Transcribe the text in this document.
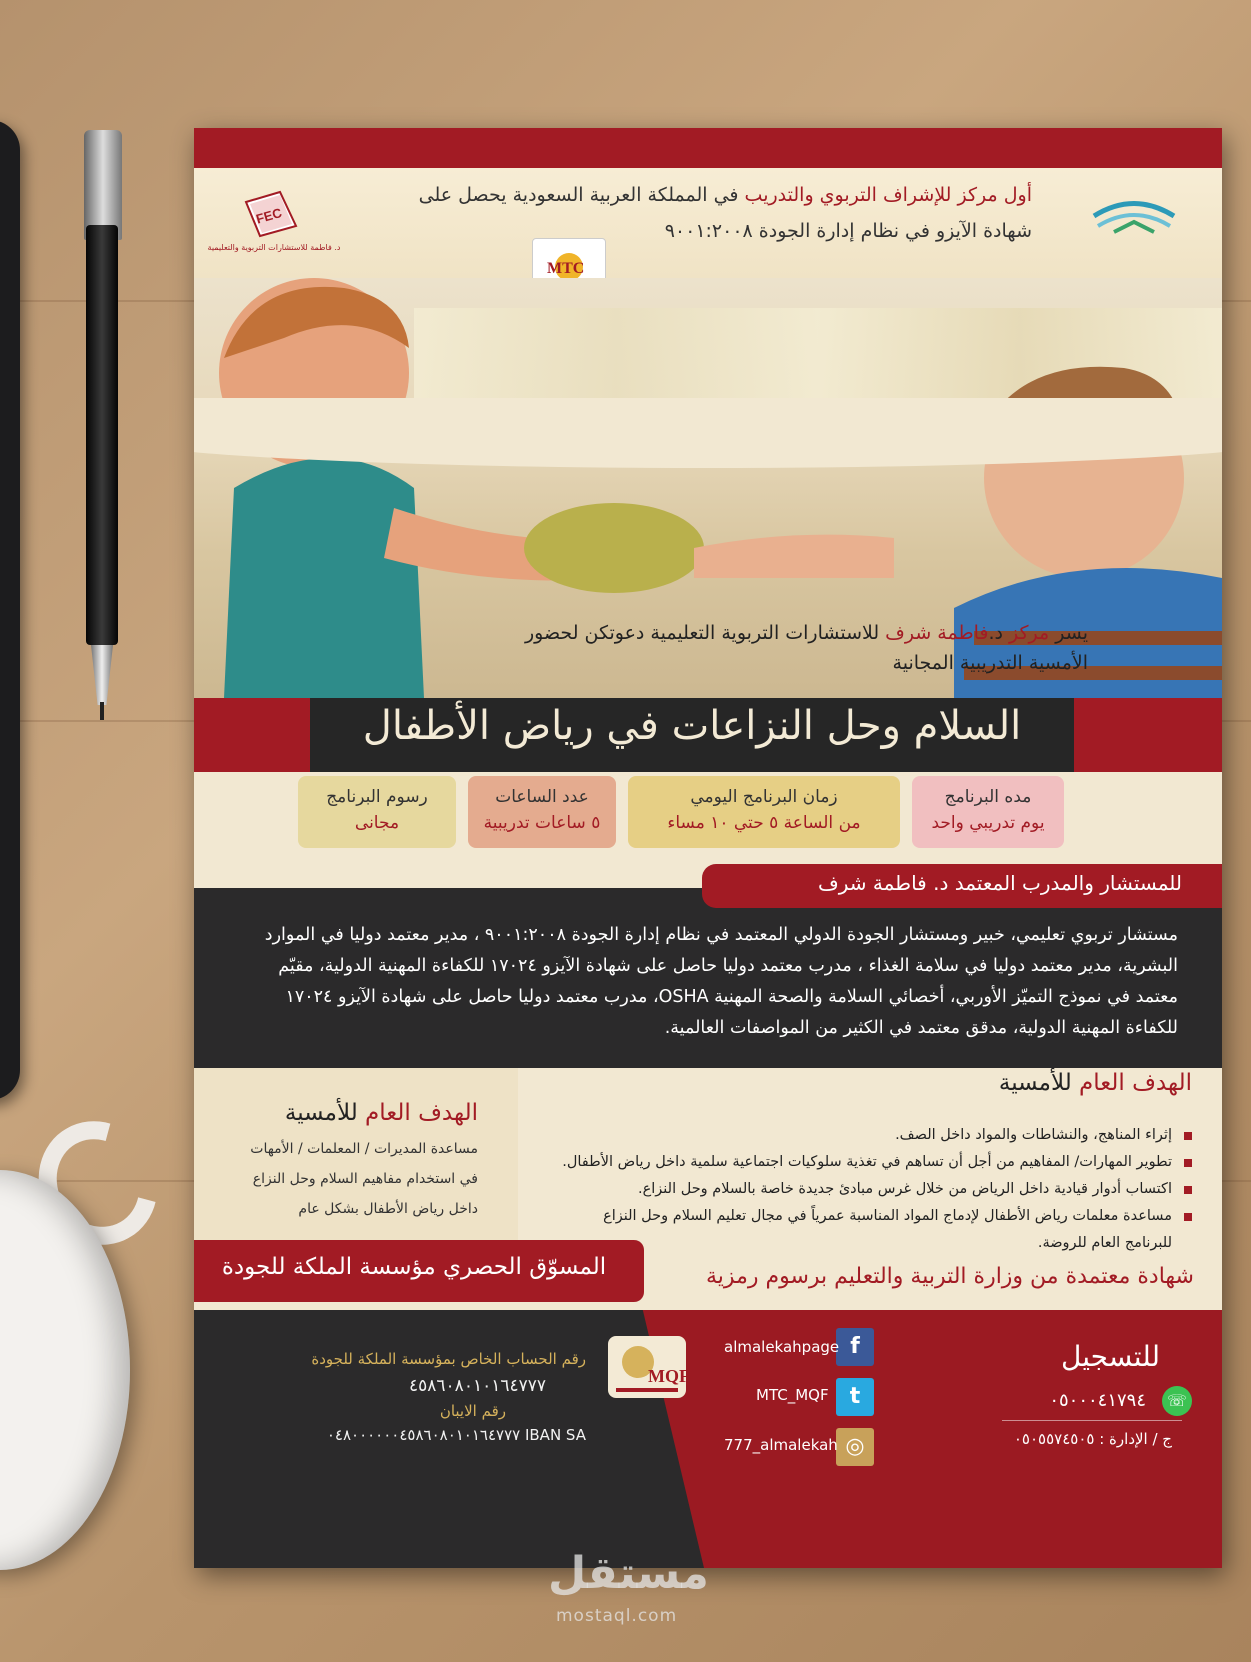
FEC
د. فاطمة للاستشارات التربوية والتعليمية
أول مركز للإشراف التربوي والتدريب في المملكة العربية السعودية يحصل على
شهادة الآيزو في نظام إدارة الجودة ٩٠٠١:٢٠٠٨
MTC
يسر مركز د.فاطمة شرف للاستشارات التربوية التعليمية دعوتكن لحضور
الأمسية التدريبية المجانية
السلام وحل النزاعات في رياض الأطفال
مده البرنامج
يوم تدريبي واحد
زمان البرنامج اليومي
من الساعة ٥ حتي ١٠ مساء
عدد الساعات
٥ ساعات تدريبية
رسوم البرنامج
مجانى
للمستشار والمدرب المعتمد د. فاطمة شرف
مستشار تربوي تعليمي، خبير ومستشار الجودة الدولي المعتمد في نظام إدارة الجودة ٩٠٠١:٢٠٠٨ ، مدير معتمد دوليا في الموارد البشرية، مدير معتمد دوليا في سلامة الغذاء ، مدرب معتمد دوليا حاصل على شهادة الآيزو ١٧٠٢٤ للكفاءة المهنية الدولية، مقيّم معتمد في نموذج التميّز الأوربي، أخصائي السلامة والصحة المهنية OSHA، مدرب معتمد دوليا حاصل على شهادة الآيزو ١٧٠٢٤ للكفاءة المهنية الدولية، مدقق معتمد في الكثير من المواصفات العالمية.
الهدف العام للأمسية
مساعدة المديرات / المعلمات / الأمهات في استخدام مفاهيم السلام وحل النزاع داخل رياض الأطفال بشكل عام
الهدف العام للأمسية
إثراء المناهج، والنشاطات والمواد داخل الصف.
تطوير المهارات/ المفاهيم من أجل أن تساهم في تغذية سلوكيات اجتماعية سلمية داخل رياض الأطفال.
اكتساب أدوار قيادية داخل الرياض من خلال غرس مبادئ جديدة خاصة بالسلام وحل النزاع.
مساعدة معلمات رياض الأطفال لإدماج المواد المناسبة عمرياً في مجال تعليم السلام وحل النزاع
للبرنامج العام للروضة.
المسوّق الحصري مؤسسة الملكة للجودة	شهادة معتمدة من وزارة التربية والتعليم برسوم رمزية
رقم الحساب الخاص بمؤسسة الملكة للجودة
٤٥٨٦٠٨٠١٠١٦٤٧٧٧
رقم الايبان
٠٤٨٠٠٠٠٠٠٤٥٨٦٠٨٠١٠١٦٤٧٧٧ IBAN SA
MQF
f
almalekahpage
t
MTC_MQF
◎
777_almalekah
للتسجيل
☏
٠٥٠٠٠٤١٧٩٤
ج / الإدارة : ٠٥٠٥٥٧٤٥٠٥
مستقل
mostaql.com
